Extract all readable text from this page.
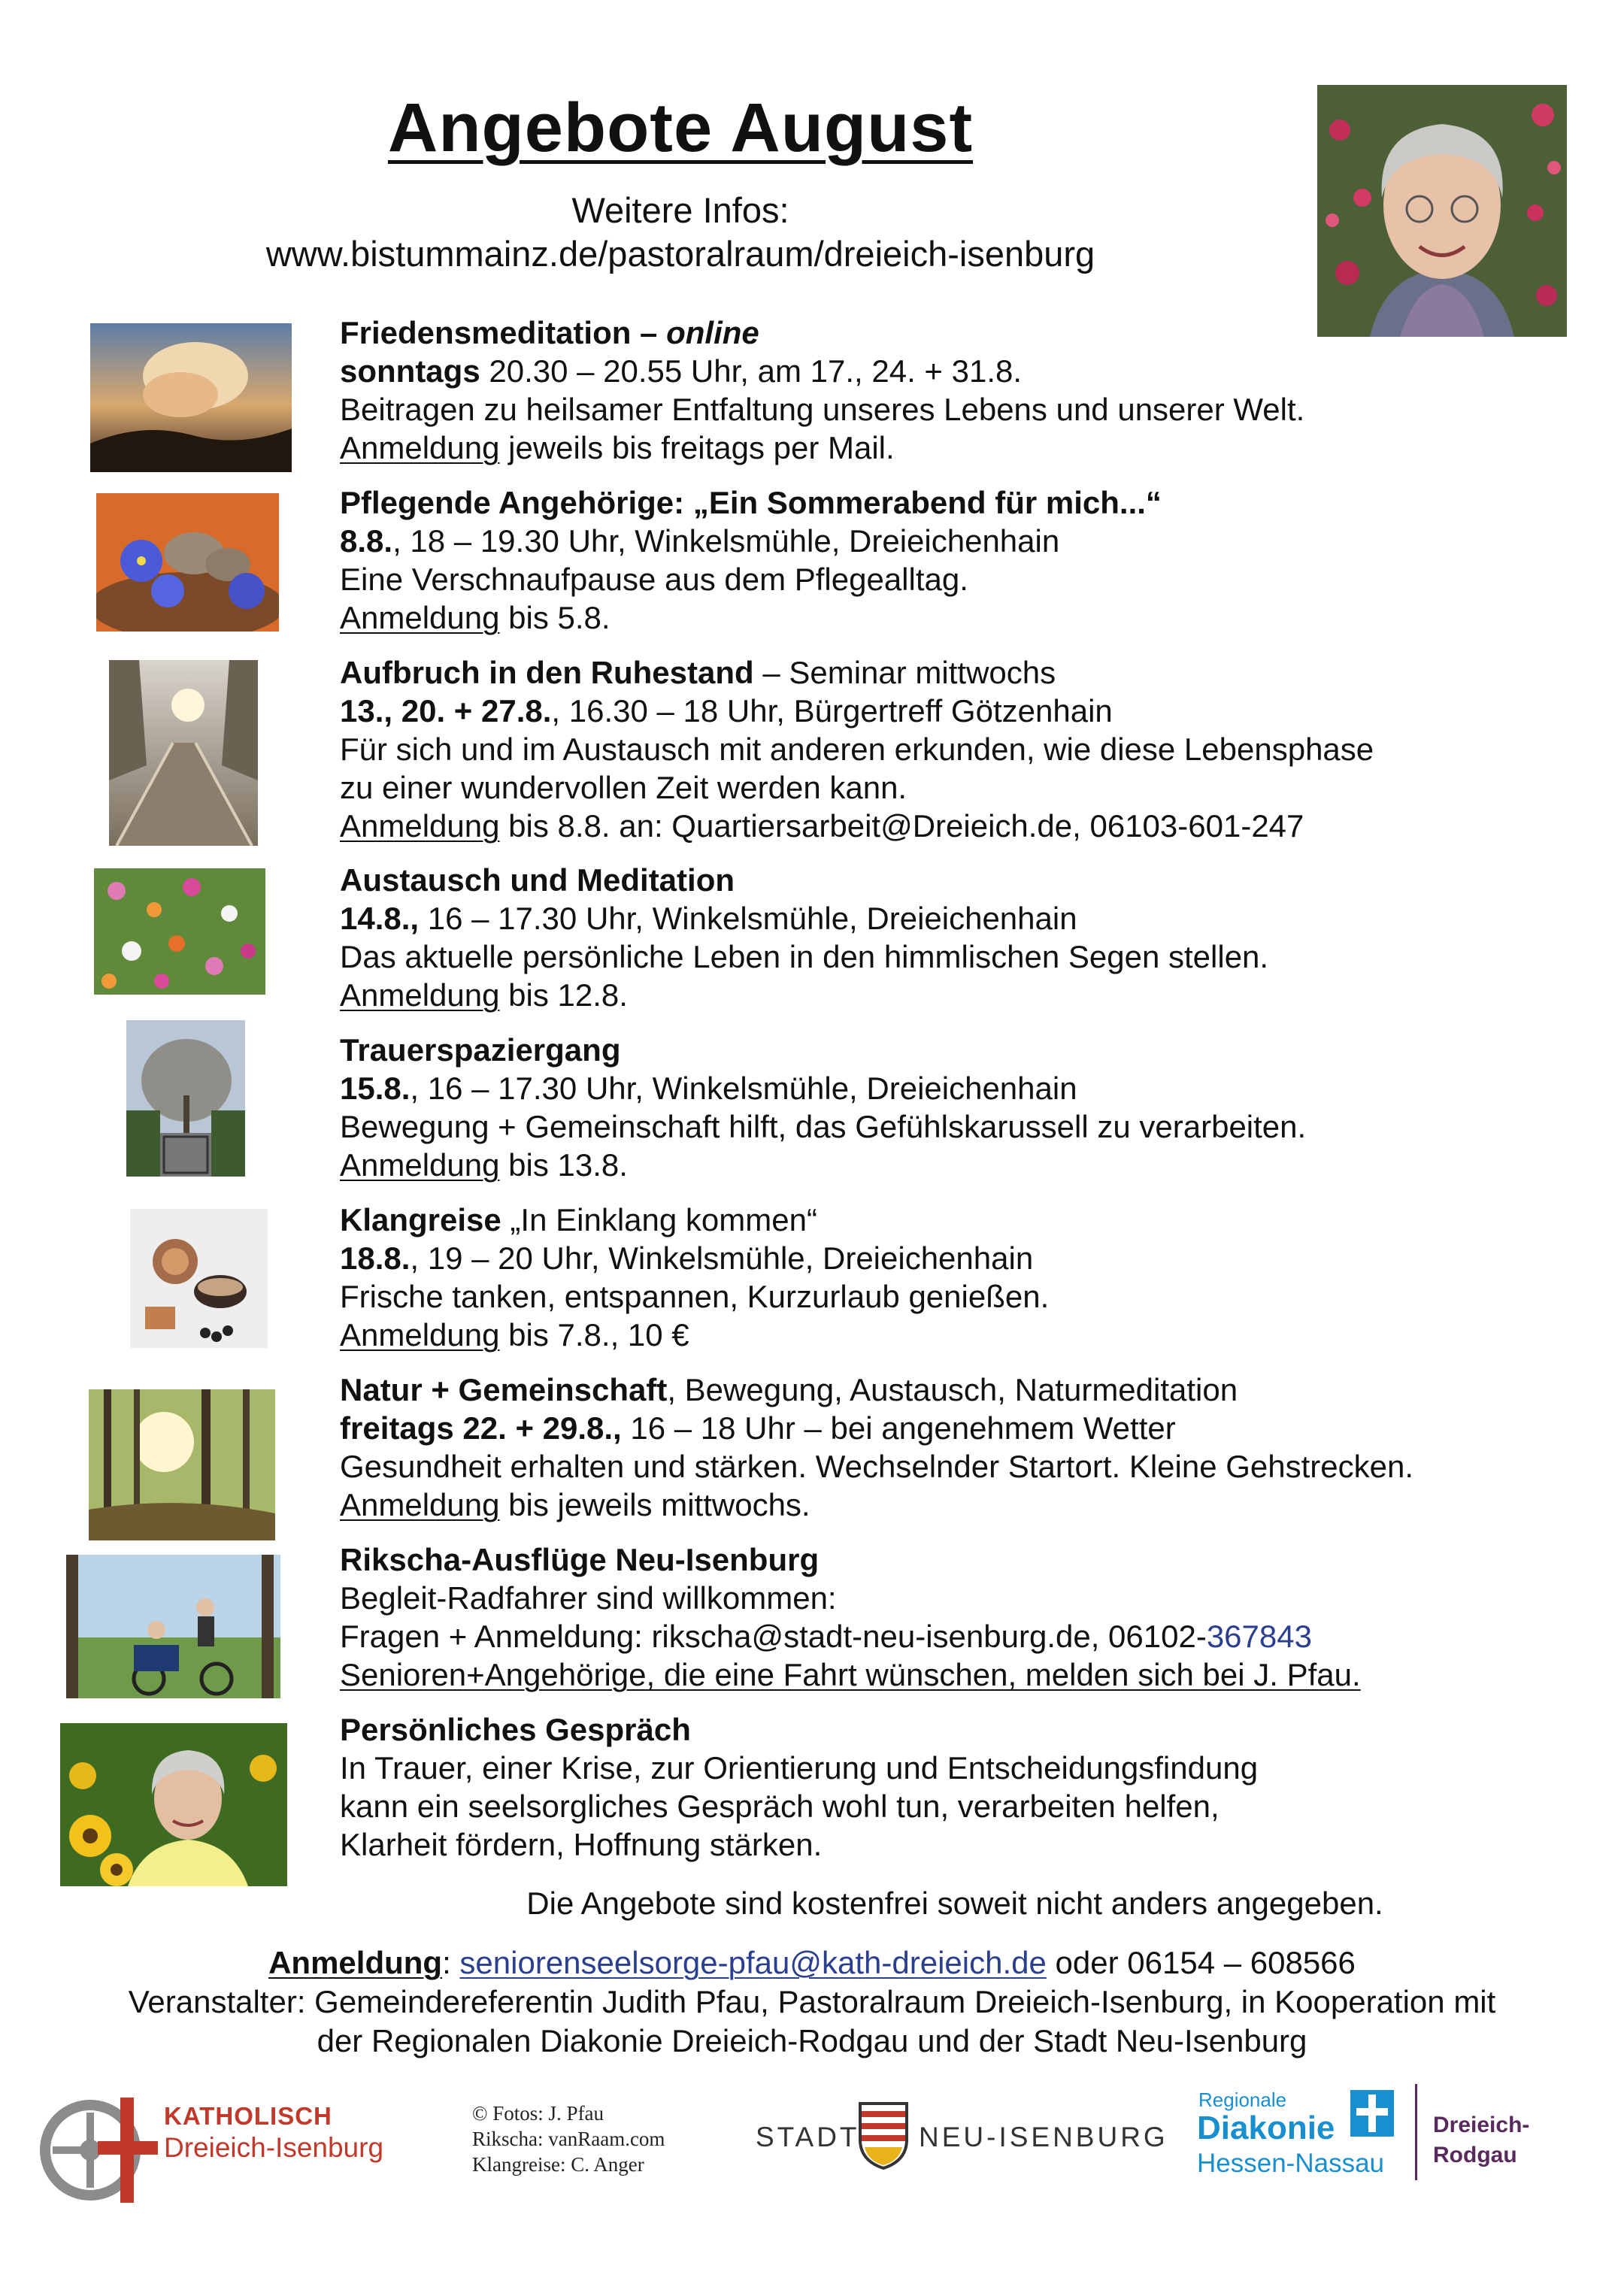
Angebote August
Weitere Infos:
www.bistummainz.de/pastoralraum/dreieich-isenburg
Friedensmeditation – online
sonntags 20.30 – 20.55 Uhr, am 17., 24. + 31.8.
Beitragen zu heilsamer Entfaltung unseres Lebens und unserer Welt.
Anmeldung jeweils bis freitags per Mail.
Pflegende Angehörige: „Ein Sommerabend für mich...“
8.8., 18 – 19.30 Uhr, Winkelsmühle, Dreieichenhain
Eine Verschnaufpause aus dem Pflegealltag.
Anmeldung bis 5.8.
Aufbruch in den Ruhestand – Seminar mittwochs
13., 20. + 27.8., 16.30 – 18 Uhr, Bürgertreff Götzenhain
Für sich und im Austausch mit anderen erkunden, wie diese Lebensphase
zu einer wundervollen Zeit werden kann.
Anmeldung bis 8.8. an: Quartiersarbeit@Dreieich.de, 06103-601-247
Austausch und Meditation
14.8., 16 – 17.30 Uhr, Winkelsmühle, Dreieichenhain
Das aktuelle persönliche Leben in den himmlischen Segen stellen.
Anmeldung bis 12.8.
Trauerspaziergang
15.8., 16 – 17.30 Uhr, Winkelsmühle, Dreieichenhain
Bewegung + Gemeinschaft hilft, das Gefühlskarussell zu verarbeiten.
Anmeldung bis 13.8.
Klangreise „In Einklang kommen“
18.8., 19 – 20 Uhr, Winkelsmühle, Dreieichenhain
Frische tanken, entspannen, Kurzurlaub genießen.
Anmeldung bis 7.8., 10 €
Natur + Gemeinschaft, Bewegung, Austausch, Naturmeditation
freitags 22. + 29.8., 16 – 18 Uhr – bei angenehmem Wetter
Gesundheit erhalten und stärken. Wechselnder Startort. Kleine Gehstrecken.
Anmeldung bis jeweils mittwochs.
Rikscha-Ausflüge Neu-Isenburg
Begleit-Radfahrer sind willkommen:
Fragen + Anmeldung: rikscha@stadt-neu-isenburg.de, 06102-367843
Senioren+Angehörige, die eine Fahrt wünschen, melden sich bei J. Pfau.
Persönliches Gespräch
In Trauer, einer Krise, zur Orientierung und Entscheidungsfindung
kann ein seelsorgliches Gespräch wohl tun, verarbeiten helfen,
Klarheit fördern, Hoffnung stärken.
Die Angebote sind kostenfrei soweit nicht anders angegeben.
Anmeldung: seniorenseelsorge-pfau@kath-dreieich.de oder 06154 – 608566
Veranstalter: Gemeindereferentin Judith Pfau, Pastoralraum Dreieich-Isenburg, in Kooperation mit
der Regionalen Diakonie Dreieich-Rodgau und der Stadt Neu-Isenburg
KATHOLISCH
Dreieich-Isenburg
© Fotos: J. Pfau
Rikscha: vanRaam.com
Klangreise: C. Anger
STADT NEU-ISENBURG
Regionale
Diakonie
Hessen-Nassau
Dreieich-
Rodgau
